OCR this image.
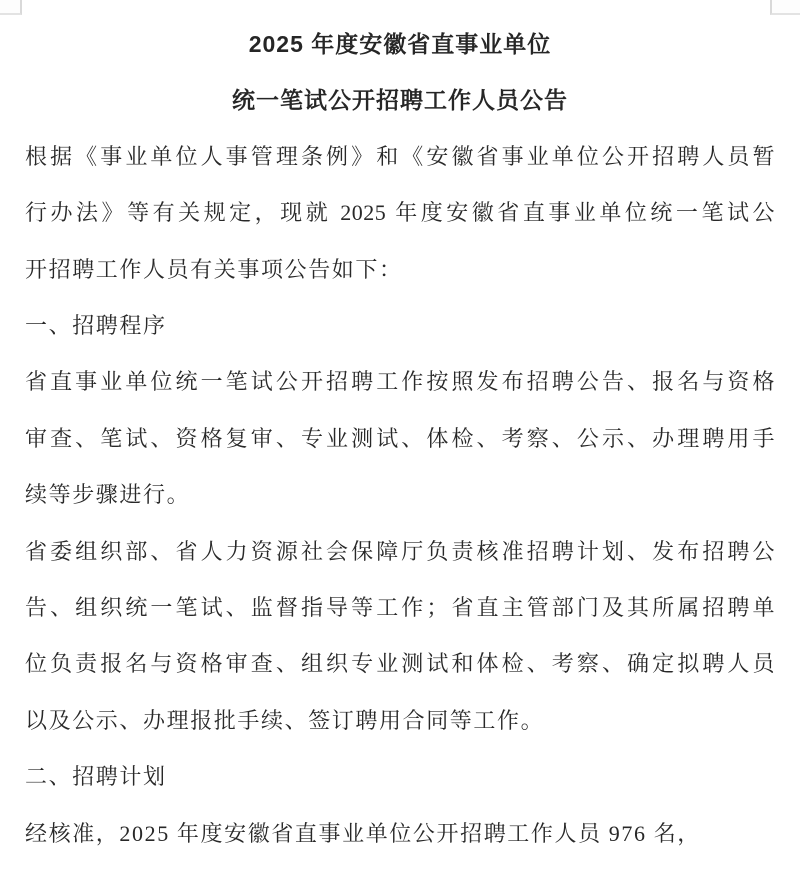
2025 年度安徽省直事业单位
统一笔试公开招聘工作人员公告
根据《事业单位人事管理条例》和《安徽省事业单位公开招聘人员暂
行办法》等有关规定，现就 2025 年度安徽省直事业单位统一笔试公
开招聘工作人员有关事项公告如下：
一、招聘程序
省直事业单位统一笔试公开招聘工作按照发布招聘公告、报名与资格
审查、笔试、资格复审、专业测试、体检、考察、公示、办理聘用手
续等步骤进行。
省委组织部、省人力资源社会保障厅负责核准招聘计划、发布招聘公
告、组织统一笔试、监督指导等工作；省直主管部门及其所属招聘单
位负责报名与资格审查、组织专业测试和体检、考察、确定拟聘人员
以及公示、办理报批手续、签订聘用合同等工作。
二、招聘计划
经核准，2025 年度安徽省直事业单位公开招聘工作人员 976 名，
